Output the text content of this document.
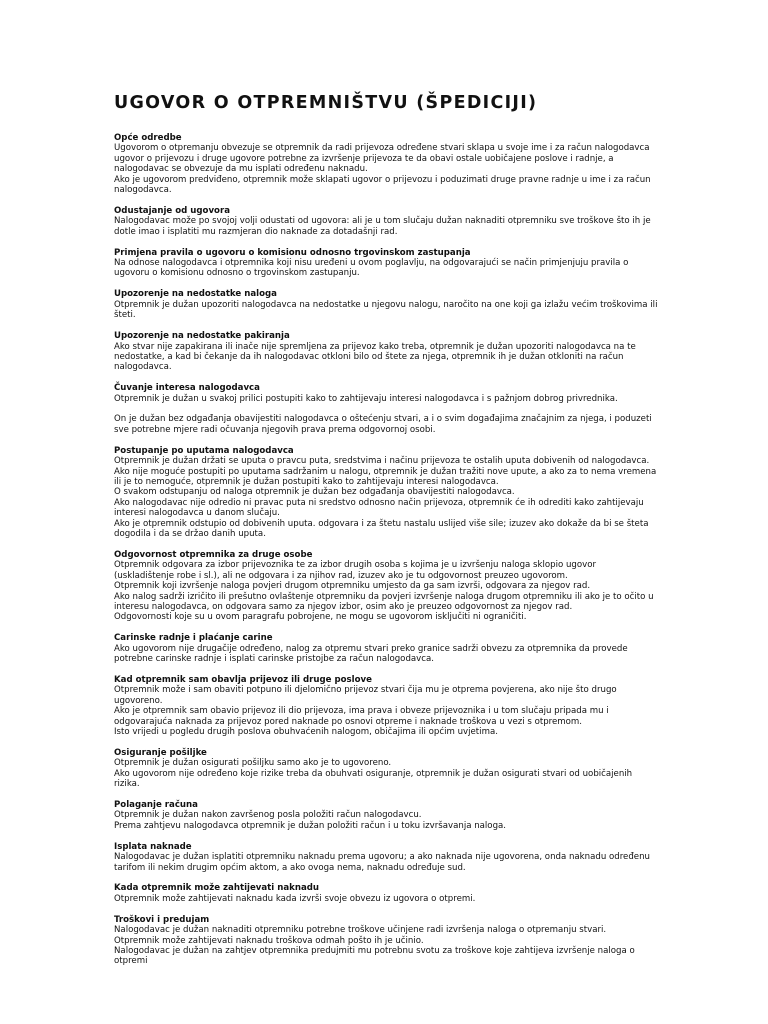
UGOVOR O OTPREMNIŠTVU (ŠPEDICIJI)

Opće odredbe

Ugovorom o otpremanju obvezuje se otpremnik da radi prijevoza određene stvari sklapa u svoje ime i za račun nalogodavca ugovor o prijevozu i druge ugovore potrebne za izvršenje prijevoza te da obavi ostale uobičajene poslove i radnje, a nalogodavac se obvezuje da mu isplati određenu naknadu.

Ako je ugovorom predviđeno, otpremnik može sklapati ugovor o prijevozu i poduzimati druge pravne radnje u ime i za račun nalogodavca.

Odustajanje od ugovora

Nalogodavac može po svojoj volji odustati od ugovora: ali je u tom slučaju dužan naknaditi otpremniku sve troškove što ih je dotle imao i isplatiti mu razmjeran dio naknade za dotadašnji rad.

Primjena pravila o ugovoru o komisionu odnosno trgovinskom zastupanja

Na odnose nalogodavca i otpremnika koji nisu uređeni u ovom poglavlju, na odgovarajući se način primjenjuju pravila o ugovoru o komisionu odnosno o trgovinskom zastupanju.

Upozorenje na nedostatke naloga

Otpremnik je dužan upozoriti nalogodavca na nedostatke u njegovu nalogu, naročito na one koji ga izlažu većim troškovima ili šteti.

Upozorenje na nedostatke pakiranja

Ako stvar nije zapakirana ili inače nije spremljena za prijevoz kako treba, otpremnik je dužan upozoriti nalogodavca na te nedostatke, a kad bi čekanje da ih nalogodavac otkloni bilo od štete za njega, otpremnik ih je dužan otkloniti na račun nalogodavca.

Čuvanje interesa nalogodavca

Otpremnik je dužan u svakoj prilici postupiti kako to zahtijevaju interesi nalogodavca i s pažnjom dobrog privrednika.

On je dužan bez odgađanja obavijestiti nalogodavca o oštećenju stvari, a i o svim događajima značajnim za njega, i poduzeti sve potrebne mjere radi očuvanja njegovih prava prema odgovornoj osobi.

Postupanje po uputama nalogodavca

Otpremnik je dužan držati se uputa o pravcu puta, sredstvima i načinu prijevoza te ostalih uputa dobivenih od nalogodavca.

Ako nije moguće postupiti po uputama sadržanim u nalogu, otpremnik je dužan tražiti nove upute, a ako za to nema vremena ili je to nemoguće, otpremnik je dužan postupiti kako to zahtijevaju interesi nalogodavca.

O svakom odstupanju od naloga otpremnik je dužan bez odgađanja obavijestiti nalogodavca.

Ako nalogodavac nije odredio ni pravac puta ni sredstvo odnosno način prijevoza, otpremnik će ih odrediti kako zahtijevaju interesi nalogodavca u danom slučaju.

Ako je otpremnik odstupio od dobivenih uputa. odgovara i za štetu nastalu uslijed više sile; izuzev ako dokaže da bi se šteta dogodila i da se držao danih uputa.

Odgovornost otpremnika za druge osobe

Otpremnik odgovara za izbor prijevoznika te za izbor drugih osoba s kojima je u izvršenju naloga sklopio ugovor (uskladištenje robe i sl.), ali ne odgovara i za njihov rad, izuzev ako je tu odgovornost preuzeo ugovorom.

Otpremnik koji izvršenje naloga povjeri drugom otpremniku umjesto da ga sam izvrši, odgovara za njegov rad.

Ako nalog sadrži izričito ili prešutno ovlaštenje otpremniku da povjeri izvršenje naloga drugom otpremniku ili ako je to očito u interesu nalogodavca, on odgovara samo za njegov izbor, osim ako je preuzeo odgovornost za njegov rad.

Odgovornosti koje su u ovom paragrafu pobrojene, ne mogu se ugovorom isključiti ni ograničiti.

Carinske radnje i plaćanje carine

Ako ugovorom nije drugačije određeno, nalog za otpremu stvari preko granice sadrži obvezu za otpremnika da provede potrebne carinske radnje i isplati carinske pristojbe za račun nalogodavca.

Kad otpremnik sam obavlja prijevoz ili druge poslove

Otpremnik može i sam obaviti potpuno ili djelomično prijevoz stvari čija mu je otprema povjerena, ako nije što drugo ugovoreno.

Ako je otpremnik sam obavio prijevoz ili dio prijevoza, ima prava i obveze prijevoznika i u tom slučaju pripada mu i odgovarajuća naknada za prijevoz pored naknade po osnovi otpreme i naknade troškova u vezi s otpremom.

Isto vrijedi u pogledu drugih poslova obuhvaćenih nalogom, običajima ili općim uvjetima.

Osiguranje pošiljke

Otpremnik je dužan osigurati pošiljku samo ako je to ugovoreno.

Ako ugovorom nije određeno koje rizike treba da obuhvati osiguranje, otpremnik je dužan osigurati stvari od uobičajenih rizika.

Polaganje računa

Otpremnik je dužan nakon završenog posla položiti račun nalogodavcu.

Prema zahtjevu nalogodavca otpremnik je dužan položiti račun i u toku izvršavanja naloga.

Isplata naknade

Nalogodavac je dužan isplatiti otpremniku naknadu prema ugovoru; a ako naknada nije ugovorena, onda naknadu određenu tarifom ili nekim drugim općim aktom, a ako ovoga nema, naknadu određuje sud.

Kada otpremnik može zahtijevati naknadu

Otpremnik može zahtijevati naknadu kada izvrši svoje obvezu iz ugovora o otpremi.

Troškovi i predujam

Nalogodavac je dužan naknaditi otpremniku potrebne troškove učinjene radi izvršenja naloga o otpremanju stvari.

Otpremnik može zahtijevati naknadu troškova odmah pošto ih je učinio.

Nalogodavac je dužan na zahtjev otpremnika predujmiti mu potrebnu svotu za troškove koje zahtijeva izvršenje naloga o otpremi
